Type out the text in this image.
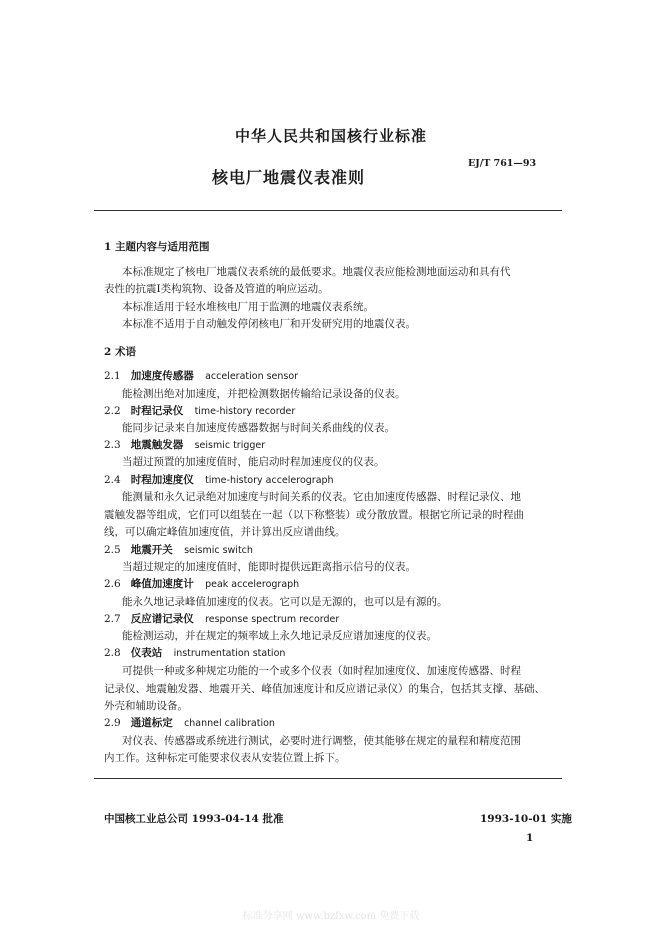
中华人民共和国核行业标准
核电厂地震仪表准则
EJ/T 761—93
1 主题内容与适用范围
本标准规定了核电厂地震仪表系统的最低要求。地震仪表应能检测地面运动和具有代
表性的抗震Ⅰ类构筑物、设备及管道的响应运动。
本标准适用于轻水堆核电厂用于监测的地震仪表系统。
本标准不适用于自动触发停闭核电厂和开发研究用的地震仪表。
2 术语
2.1 加速度传感器 acceleration sensor
能检测出绝对加速度，并把检测数据传输给记录设备的仪表。
2.2 时程记录仪 time-history recorder
能同步记录来自加速度传感器数据与时间关系曲线的仪表。
2.3 地震触发器 seismic trigger
当超过预置的加速度值时，能启动时程加速度仪的仪表。
2.4 时程加速度仪 time-history accelerograph
能测量和永久记录绝对加速度与时间关系的仪表。它由加速度传感器、时程记录仪、地
震触发器等组成，它们可以组装在一起（以下称整装）或分散放置。根据它所记录的时程曲
线，可以确定峰值加速度值，并计算出反应谱曲线。
2.5 地震开关 seismic switch
当超过规定的加速度值时，能即时提供远距离指示信号的仪表。
2.6 峰值加速度计 peak accelerograph
能永久地记录峰值加速度的仪表。它可以是无源的，也可以是有源的。
2.7 反应谱记录仪 response spectrum recorder
能检测运动，并在规定的频率域上永久地记录反应谱加速度的仪表。
2.8 仪表站 instrumentation station
可提供一种或多种规定功能的一个或多个仪表（如时程加速度仪、加速度传感器、时程
记录仪、地震触发器、地震开关、峰值加速度计和反应谱记录仪）的集合，包括其支撑、基础、
外壳和辅助设备。
2.9 通道标定 channel calibration
对仪表、传感器或系统进行测试，必要时进行调整，使其能够在规定的量程和精度范围
内工作。这种标定可能要求仪表从安装位置上拆下。
中国核工业总公司 1993-04-14 批准	1993-10-01 实施
1
标准分享网 www.bzfxw.com 免费下载
